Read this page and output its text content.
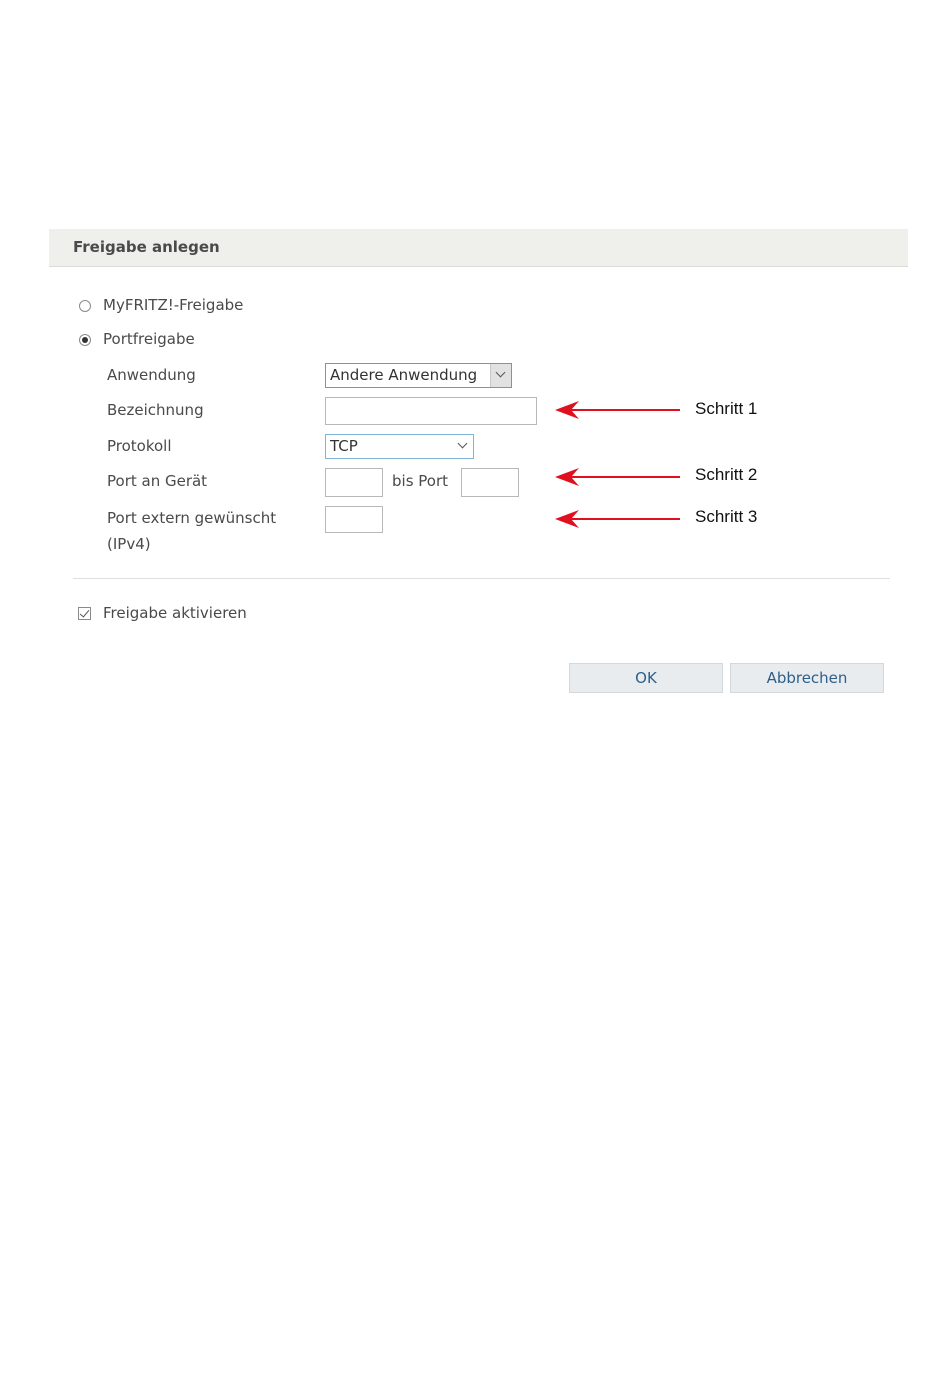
Freigabe anlegen
MyFRITZ!-Freigabe
Portfreigabe
Anwendung	Andere Anwendung
Bezeichnung
Protokoll	TCP
Port an Gerät	bis Port
Port extern gewünscht
(IPv4)
Schritt 1
Schritt 2
Schritt 3
Freigabe aktivieren
OK	Abbrechen
